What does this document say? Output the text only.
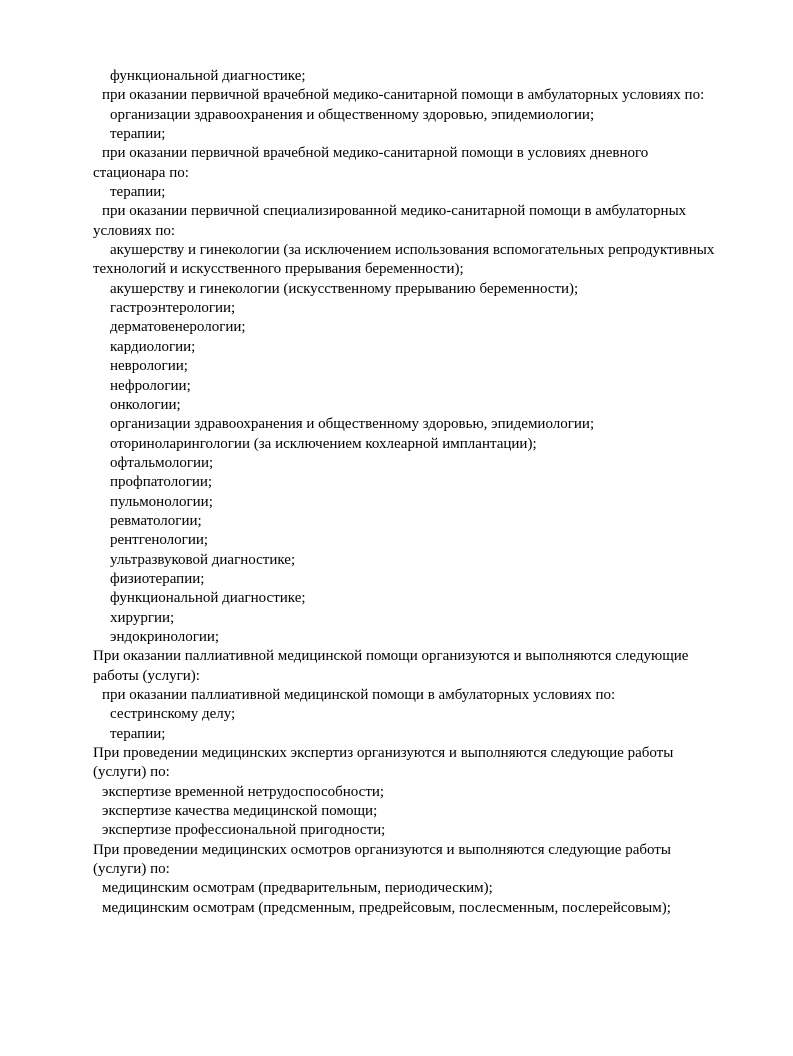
функциональной диагностике;
при оказании первичной врачебной медико-санитарной помощи в амбулаторных условиях по:
организации здравоохранения и общественному здоровью, эпидемиологии;
терапии;
при оказании первичной врачебной медико-санитарной помощи в условиях дневного
стационара по:
терапии;
при оказании первичной специализированной медико-санитарной помощи в амбулаторных
условиях по:
акушерству и гинекологии (за исключением использования вспомогательных репродуктивных
технологий и искусственного прерывания беременности);
акушерству и гинекологии (искусственному прерыванию беременности);
гастроэнтерологии;
дерматовенерологии;
кардиологии;
неврологии;
нефрологии;
онкологии;
организации здравоохранения и общественному здоровью, эпидемиологии;
оториноларингологии (за исключением кохлеарной имплантации);
офтальмологии;
профпатологии;
пульмонологии;
ревматологии;
рентгенологии;
ультразвуковой диагностике;
физиотерапии;
функциональной диагностике;
хирургии;
эндокринологии;
При оказании паллиативной медицинской помощи организуются и выполняются следующие
работы (услуги):
при оказании паллиативной медицинской помощи в амбулаторных условиях по:
сестринскому делу;
терапии;
При проведении медицинских экспертиз организуются и выполняются следующие работы
(услуги) по:
экспертизе временной нетрудоспособности;
экспертизе качества медицинской помощи;
экспертизе профессиональной пригодности;
При проведении медицинских осмотров организуются и выполняются следующие работы
(услуги) по:
медицинским осмотрам (предварительным, периодическим);
медицинским осмотрам (предсменным, предрейсовым, послесменным, послерейсовым);
